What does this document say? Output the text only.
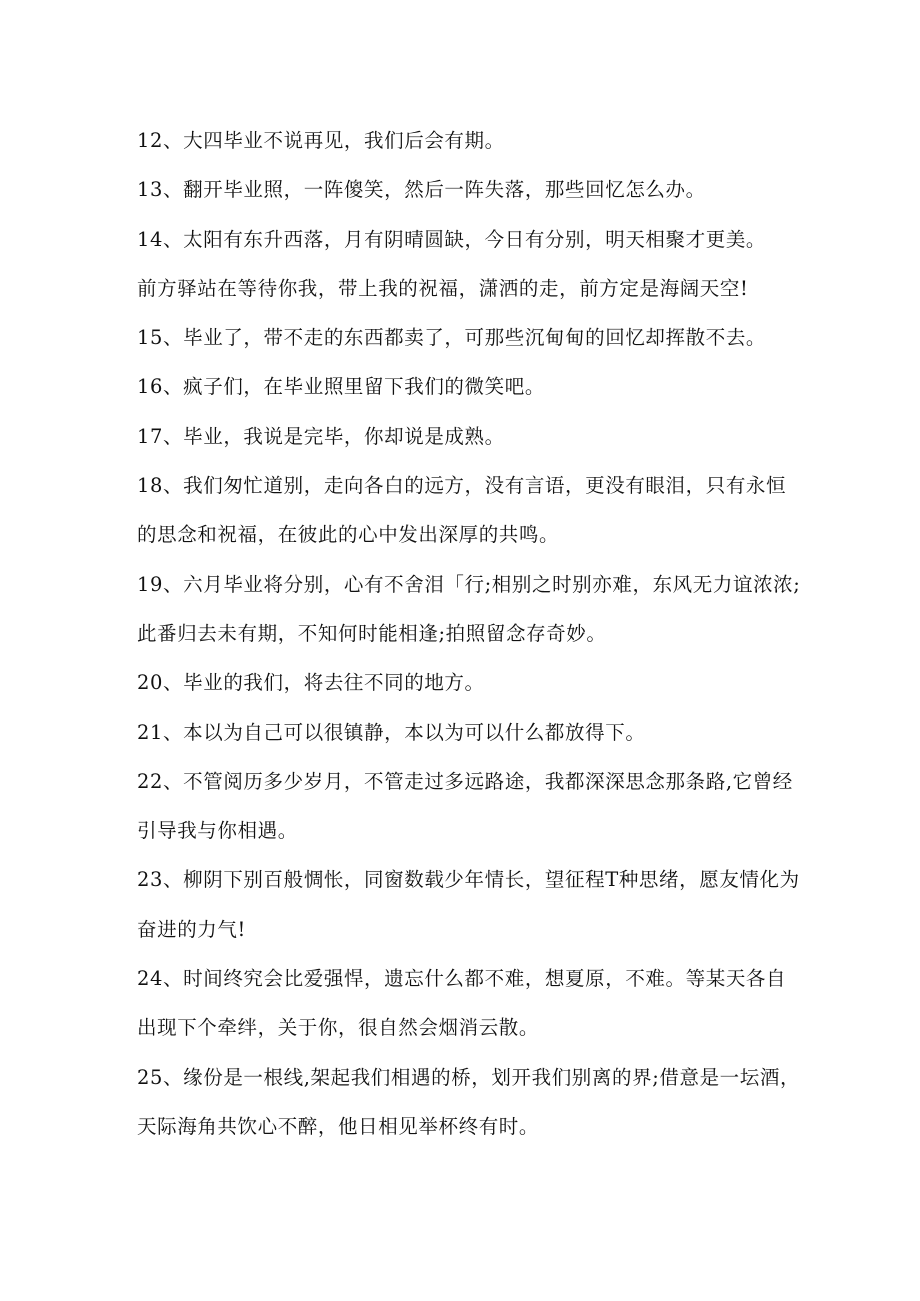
12、大四毕业不说再见，我们后会有期。
13、翻开毕业照，一阵傻笑，然后一阵失落，那些回忆怎么办。
14、太阳有东升西落，月有阴晴圆缺，今日有分别，明天相聚才更美。
前方驿站在等待你我，带上我的祝福，潇洒的走，前方定是海阔天空!
15、毕业了，带不走的东西都卖了，可那些沉甸甸的回忆却挥散不去。
16、疯子们，在毕业照里留下我们的微笑吧。
17、毕业，我说是完毕，你却说是成熟。
18、我们匆忙道别，走向各白的远方，没有言语，更没有眼泪，只有永恒
的思念和祝福，在彼此的心中发出深厚的共鸣。
19、六月毕业将分别，心有不舍泪「行;相别之时别亦难，东风无力谊浓浓;
此番归去未有期，不知何时能相逢;拍照留念存奇妙。
20、毕业的我们，将去往不同的地方。
21、本以为自己可以很镇静，本以为可以什么都放得下。
22、不管阅历多少岁月，不管走过多远路途，我都深深思念那条路,它曾经
引导我与你相遇。
23、柳阴下别百般惆怅，同窗数载少年情长，望征程T种思绪，愿友情化为
奋进的力气!
24、时间终究会比爱强悍，遗忘什么都不难，想夏原，不难。等某天各自
出现下个牵绊，关于你，很自然会烟消云散。
25、缘份是一根线,架起我们相遇的桥，划开我们别离的界;借意是一坛酒，
天际海角共饮心不醉，他日相见举杯终有时。
